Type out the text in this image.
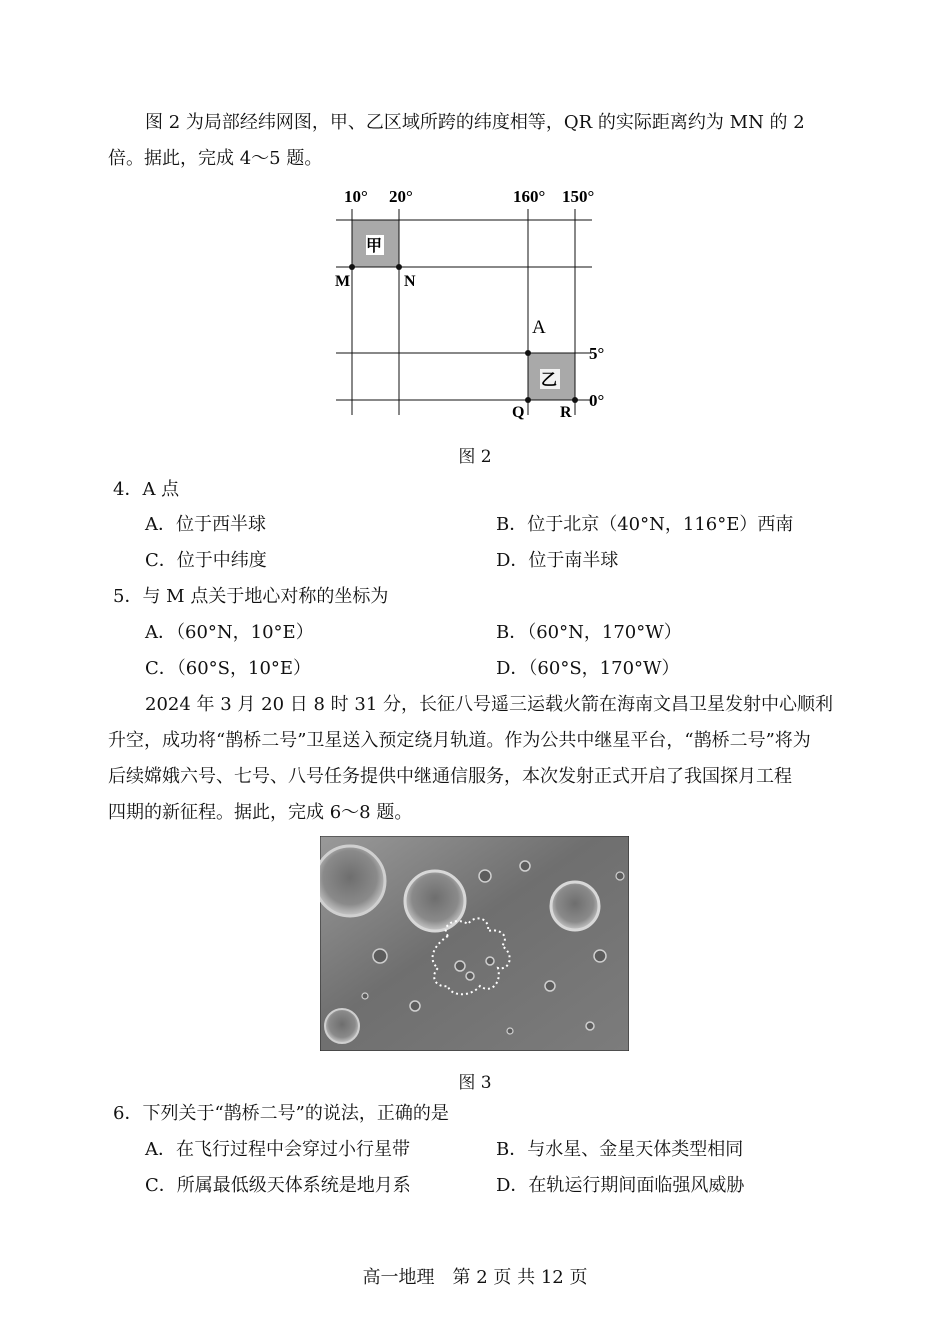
图 2 为局部经纬网图，甲、乙区域所跨的纬度相等，QR 的实际距离约为 MN 的 2
倍。据此，完成 4～5 题。
10° 20°	160° 150°
5°
0°
甲
乙
M	N
A
Q R
图 2
4．A 点
A．位于西半球	B．位于北京（40°N，116°E）西南
C．位于中纬度	D．位于南半球
5．与 M 点关于地心对称的坐标为
A．（60°N，10°E）	B．（60°N，170°W）
C．（60°S，10°E）	D．（60°S，170°W）
2024 年 3 月 20 日 8 时 31 分，长征八号遥三运载火箭在海南文昌卫星发射中心顺利
升空，成功将“鹊桥二号”卫星送入预定绕月轨道。作为公共中继星平台，“鹊桥二号”将为
后续嫦娥六号、七号、八号任务提供中继通信服务，本次发射正式开启了我国探月工程
四期的新征程。据此，完成 6～8 题。
图 3
6．下列关于“鹊桥二号”的说法，正确的是
A．在飞行过程中会穿过小行星带	B．与水星、金星天体类型相同
C．所属最低级天体系统是地月系	D．在轨运行期间面临强风威胁
高一地理　第 2 页 共 12 页
